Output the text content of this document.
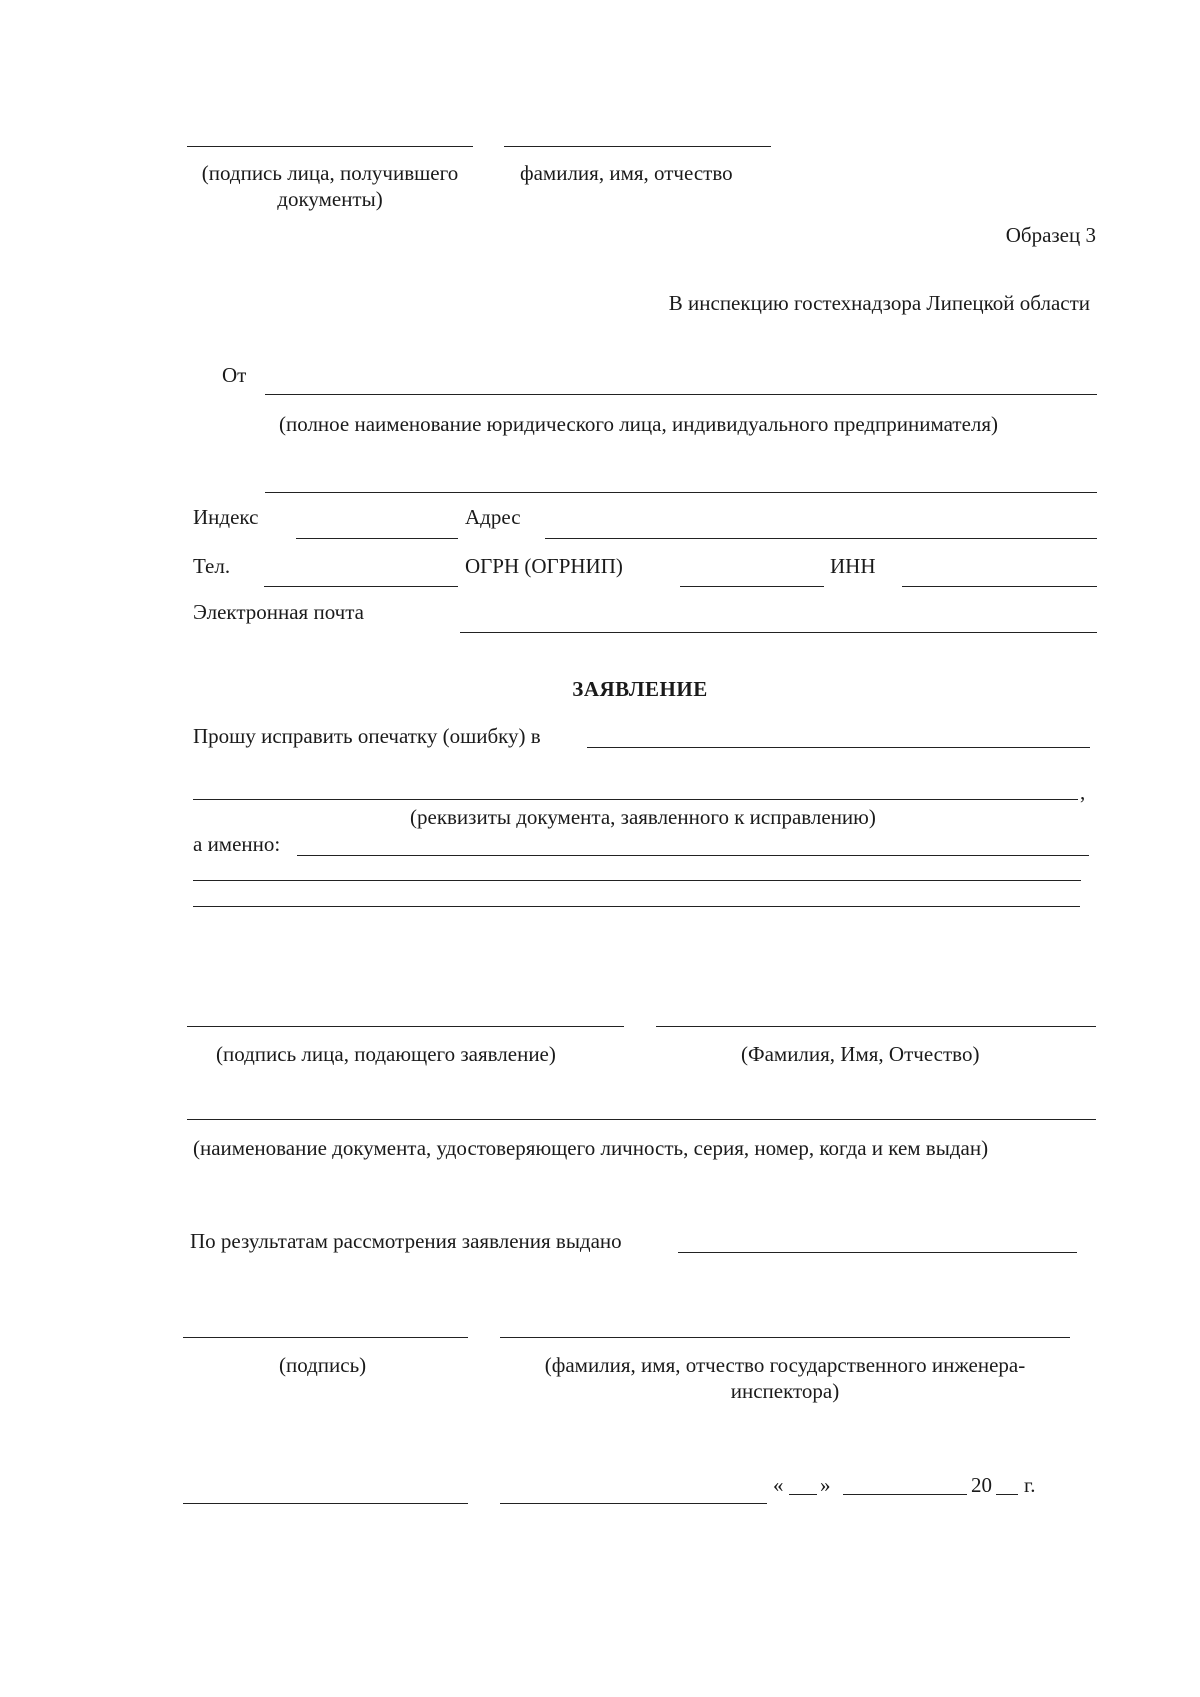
(подпись лица, получившего документы)
фамилия, имя, отчество
Образец 3
В инспекцию гостехнадзора Липецкой области
От
(полное наименование юридического лица, индивидуального предпринимателя)
Индекс	Адрес
Тел.	ОГРН (ОГРНИП)	ИНН
Электронная почта
ЗАЯВЛЕНИЕ
Прошу исправить опечатку (ошибку) в
,
(реквизиты документа, заявленного к исправлению)
а именно:
(подпись лица, подающего заявление)	(Фамилия, Имя, Отчество)
(наименование документа, удостоверяющего личность, серия, номер, когда и кем выдан)
По результатам рассмотрения заявления выдано
(подпись)	(фамилия, имя, отчество государственного инженера-инспектора)
« »	20 г.
